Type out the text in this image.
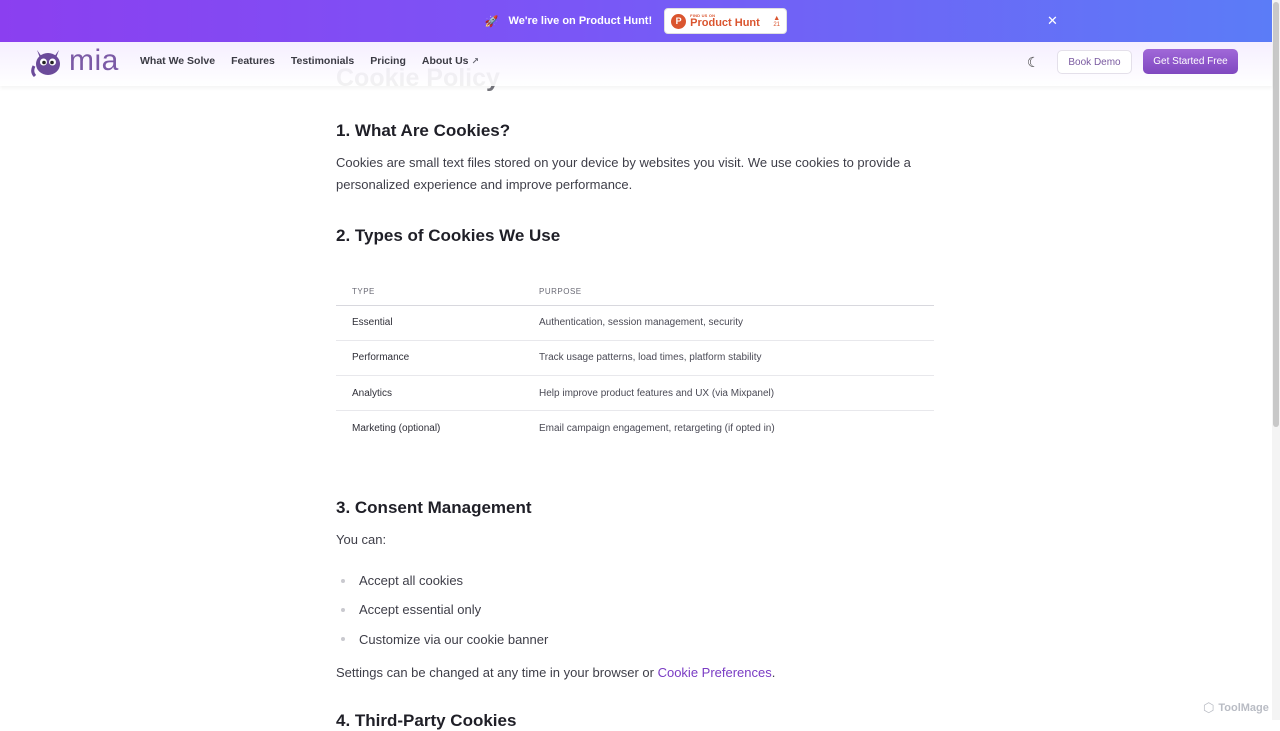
🚀 We're live on Product Hunt!	P
FIND US ON
Product Hunt ▲
21	✕
mia What We Solve Features Testimonials Pricing About Us ↗	☾	Book Demo	Get Started Free
1. What Are Cookies?
Cookies are small text files stored on your device by websites you visit. We use cookies to provide a personalized experience and improve performance.
2. Types of Cookies We Use
TYPE	PURPOSE
Essential	Authentication, session management, security
Performance	Track usage patterns, load times, platform stability
Analytics	Help improve product features and UX (via Mixpanel)
Marketing (optional)	Email campaign engagement, retargeting (if opted in)
3. Consent Management
You can:
Accept all cookies
Accept essential only
Customize via our cookie banner
Settings can be changed at any time in your browser or Cookie Preferences.
4. Third-Party Cookies
⬡ ToolMage
